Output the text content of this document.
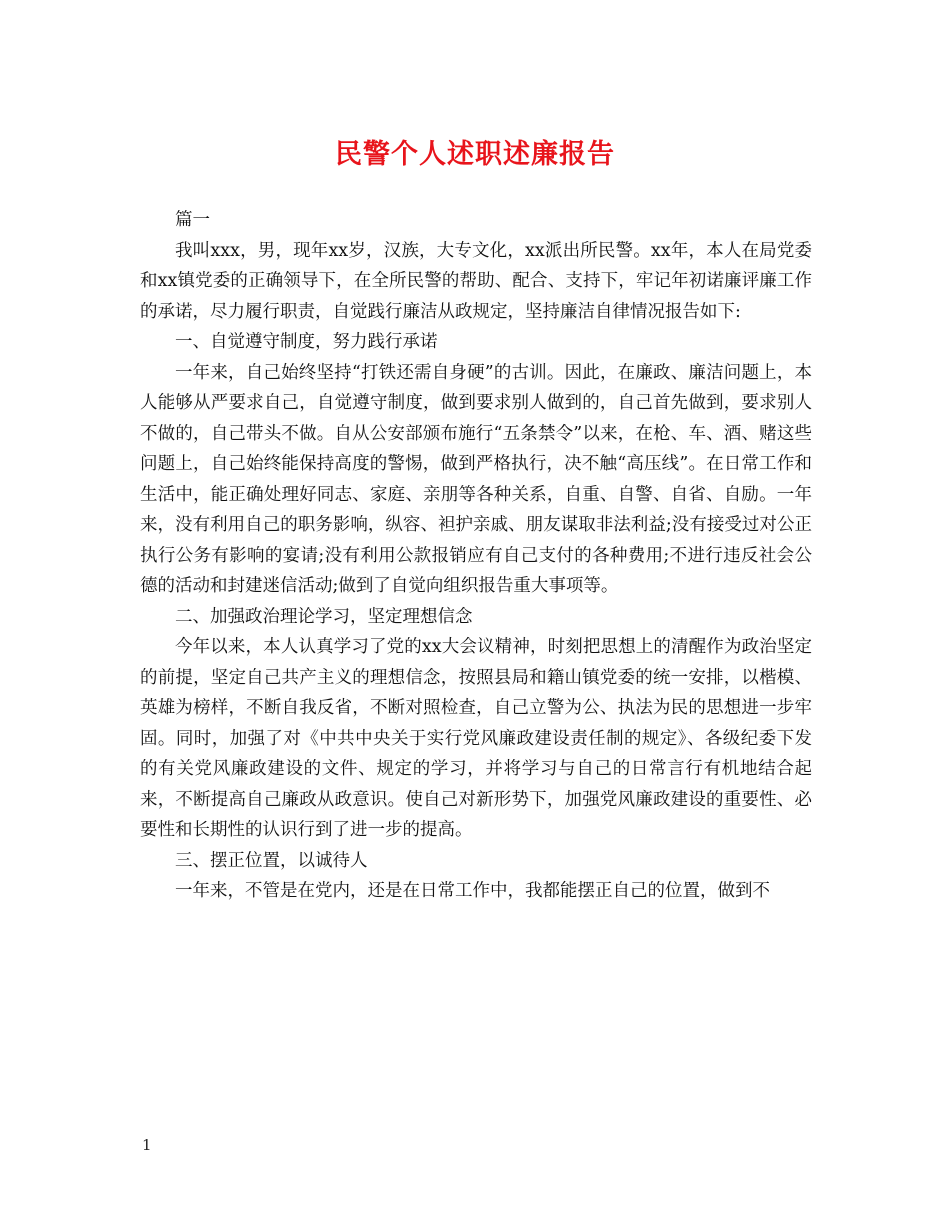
民警个人述职述廉报告

篇一

我叫xxx，男，现年xx岁，汉族，大专文化，xx派出所民警。xx年，本人在局党委和xx镇党委的正确领导下，在全所民警的帮助、配合、支持下，牢记年初诺廉评廉工作的承诺，尽力履行职责，自觉践行廉洁从政规定，坚持廉洁自律情况报告如下:

一、自觉遵守制度，努力践行承诺

一年来，自己始终坚持“打铁还需自身硬”的古训。因此，在廉政、廉洁问题上，本人能够从严要求自己，自觉遵守制度，做到要求别人做到的，自己首先做到，要求别人不做的，自己带头不做。自从公安部颁布施行“五条禁令”以来，在枪、车、酒、赌这些问题上，自己始终能保持高度的警惕，做到严格执行，决不触“高压线”。在日常工作和生活中，能正确处理好同志、家庭、亲朋等各种关系，自重、自警、自省、自励。一年来，没有利用自己的职务影响，纵容、袒护亲戚、朋友谋取非法利益;没有接受过对公正执行公务有影响的宴请;没有利用公款报销应有自己支付的各种费用;不进行违反社会公德的活动和封建迷信活动;做到了自觉向组织报告重大事项等。

二、加强政治理论学习，坚定理想信念

今年以来，本人认真学习了党的xx大会议精神，时刻把思想上的清醒作为政治坚定的前提，坚定自己共产主义的理想信念，按照县局和籍山镇党委的统一安排，以楷模、英雄为榜样，不断自我反省，不断对照检查，自己立警为公、执法为民的思想进一步牢固。同时，加强了对《中共中央关于实行党风廉政建设责任制的规定》、各级纪委下发的有关党风廉政建设的文件、规定的学习，并将学习与自己的日常言行有机地结合起来，不断提高自己廉政从政意识。使自己对新形势下，加强党风廉政建设的重要性、必要性和长期性的认识行到了进一步的提高。

三、摆正位置，以诚待人

一年来，不管是在党内，还是在日常工作中，我都能摆正自己的位置，做到不

1
